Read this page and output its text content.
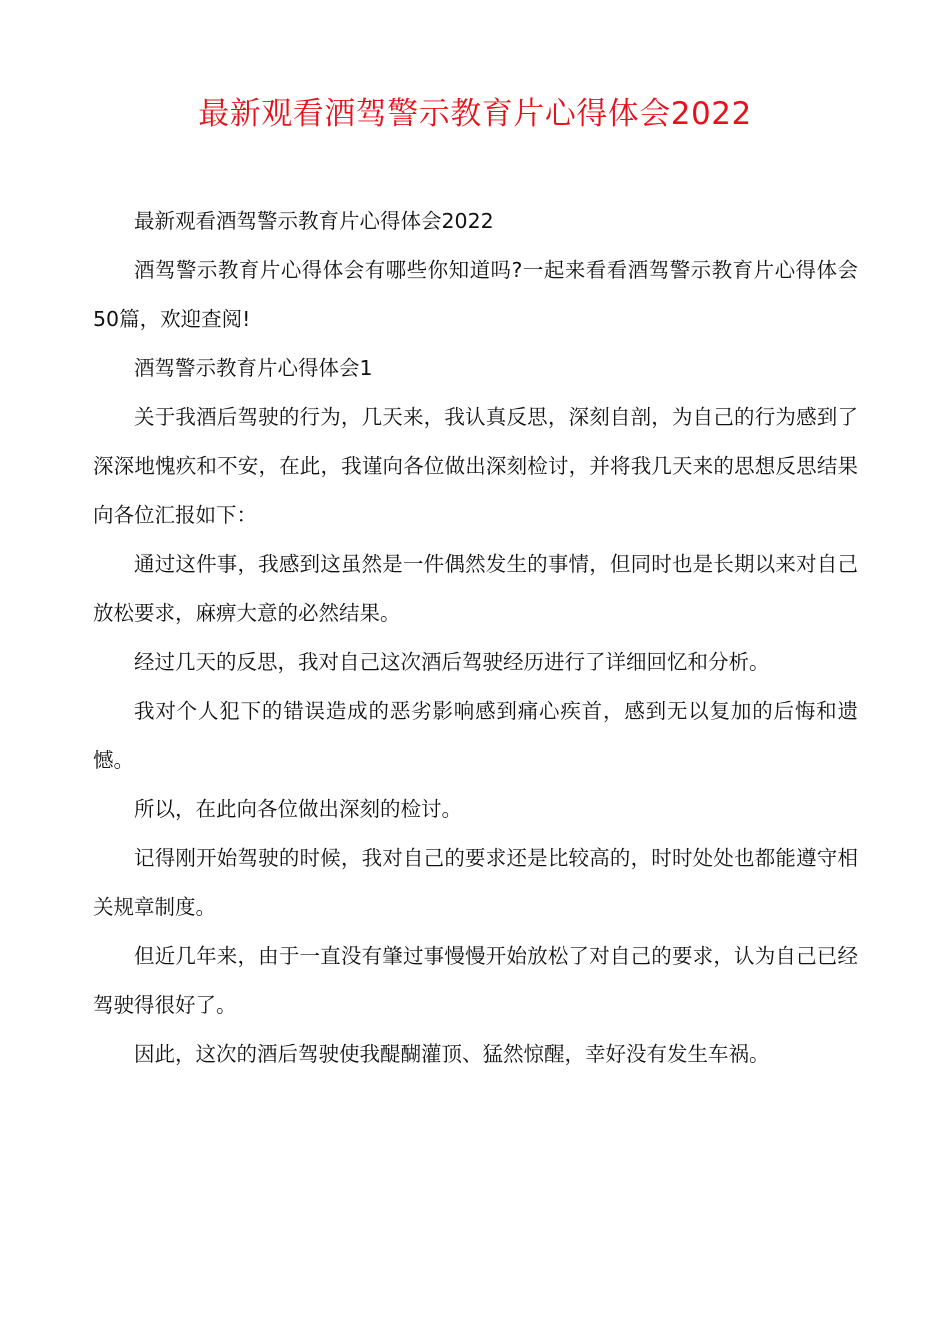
最新观看酒驾警示教育片心得体会2022

最新观看酒驾警示教育片心得体会2022

酒驾警示教育片心得体会有哪些你知道吗?一起来看看酒驾警示教育片心得体会50篇，欢迎查阅!

酒驾警示教育片心得体会1

关于我酒后驾驶的行为，几天来，我认真反思，深刻自剖，为自己的行为感到了深深地愧疚和不安，在此，我谨向各位做出深刻检讨，并将我几天来的思想反思结果向各位汇报如下：

通过这件事，我感到这虽然是一件偶然发生的事情，但同时也是长期以来对自己放松要求，麻痹大意的必然结果。

经过几天的反思，我对自己这次酒后驾驶经历进行了详细回忆和分析。

我对个人犯下的错误造成的恶劣影响感到痛心疾首，感到无以复加的后悔和遗憾。

所以，在此向各位做出深刻的检讨。

记得刚开始驾驶的时候，我对自己的要求还是比较高的，时时处处也都能遵守相关规章制度。

但近几年来，由于一直没有肇过事慢慢开始放松了对自己的要求，认为自己已经驾驶得很好了。

因此，这次的酒后驾驶使我醍醐灌顶、猛然惊醒，幸好没有发生车祸。
